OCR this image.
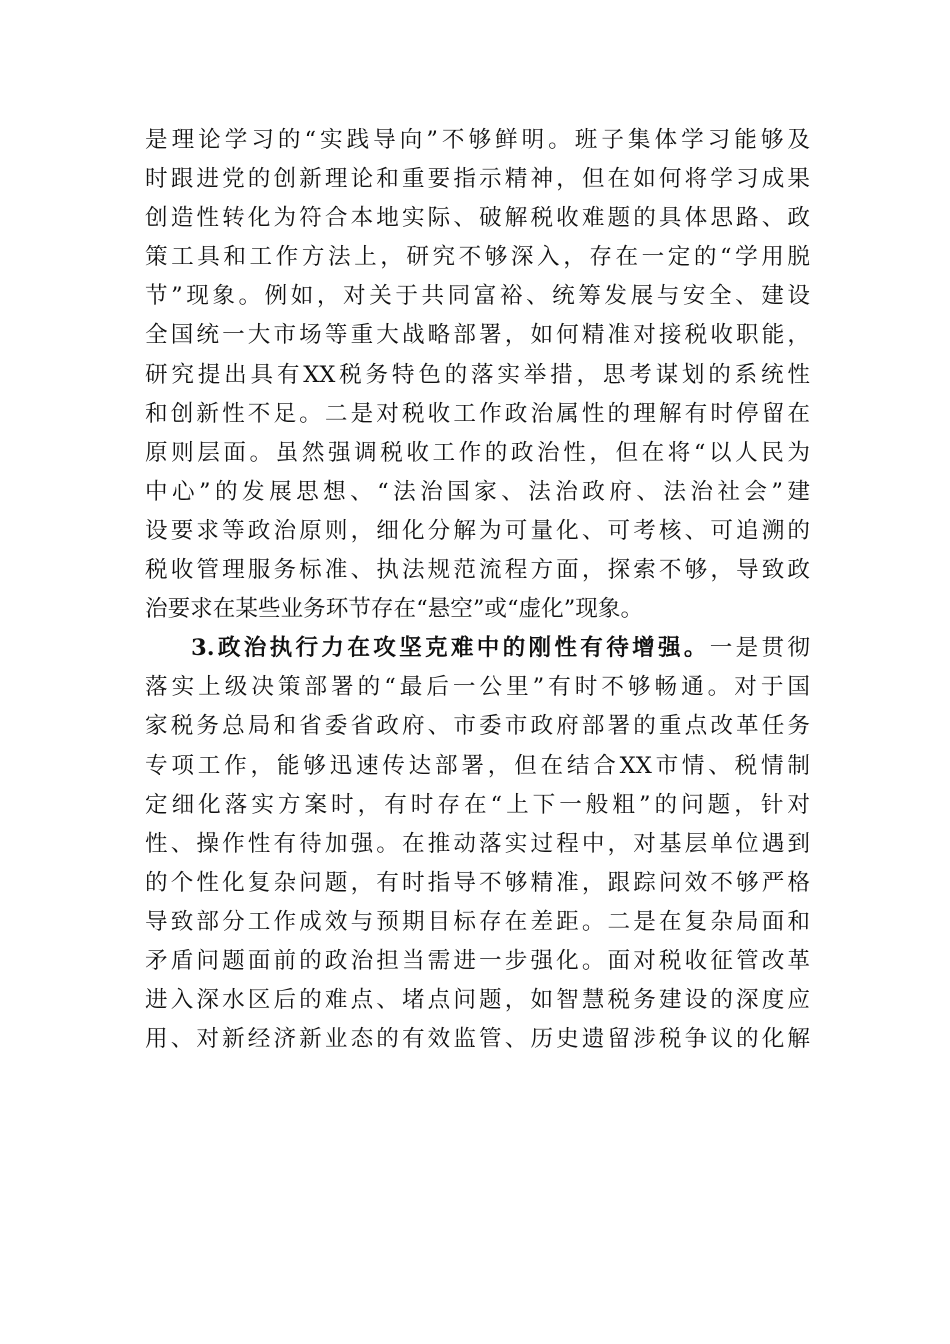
是理论学习的“实践导向”不够鲜明。班子集体学习能够及
时跟进党的创新理论和重要指示精神，但在如何将学习成果
创造性转化为符合本地实际、破解税收难题的具体思路、政
策工具和工作方法上，研究不够深入，存在一定的“学用脱
节”现象。例如，对关于共同富裕、统筹发展与安全、建设
全国统一大市场等重大战略部署，如何精准对接税收职能，
研究提出具有XX税务特色的落实举措，思考谋划的系统性
和创新性不足。二是对税收工作政治属性的理解有时停留在
原则层面。虽然强调税收工作的政治性，但在将“以人民为
中心”的发展思想、“法治国家、法治政府、法治社会”建
设要求等政治原则，细化分解为可量化、可考核、可追溯的
税收管理服务标准、执法规范流程方面，探索不够，导致政
治要求在某些业务环节存在“悬空”或“虚化”现象。
3.政治执行力在攻坚克难中的刚性有待增强。一是贯彻
落实上级决策部署的“最后一公里”有时不够畅通。对于国
家税务总局和省委省政府、市委市政府部署的重点改革任务
专项工作，能够迅速传达部署，但在结合XX市情、税情制
定细化落实方案时，有时存在“上下一般粗”的问题，针对
性、操作性有待加强。在推动落实过程中，对基层单位遇到
的个性化复杂问题，有时指导不够精准，跟踪问效不够严格
导致部分工作成效与预期目标存在差距。二是在复杂局面和
矛盾问题面前的政治担当需进一步强化。面对税收征管改革
进入深水区后的难点、堵点问题，如智慧税务建设的深度应
用、对新经济新业态的有效监管、历史遗留涉税争议的化解
